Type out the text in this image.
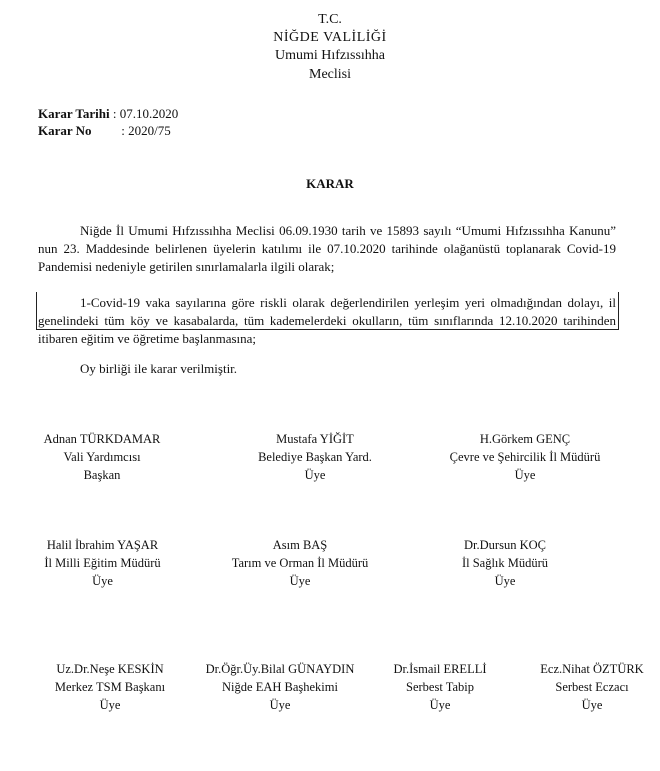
T.C.
NİĞDE VALİLİĞİ
Umumi Hıfzıssıhha
Meclisi
Karar Tarihi : 07.10.2020
Karar No : 2020/75
KARAR
Niğde İl Umumi Hıfzıssıhha Meclisi 06.09.1930 tarih ve 15893 sayılı “Umumi Hıfzıssıhha Kanunu”
nun 23. Maddesinde belirlenen üyelerin katılımı ile 07.10.2020 tarihinde olağanüstü toplanarak Covid-19
Pandemisi nedeniyle getirilen sınırlamalarla ilgili olarak;
1-Covid-19 vaka sayılarına göre riskli olarak değerlendirilen yerleşim yeri olmadığından dolayı, il
genelindeki tüm köy ve kasabalarda, tüm kademelerdeki okulların, tüm sınıflarında 12.10.2020 tarihinden
itibaren eğitim ve öğretime başlanmasına;
Oy birliği ile karar verilmiştir.
Adnan TÜRKDAMAR
Vali Yardımcısı
Başkan
Mustafa YİĞİT
Belediye Başkan Yard.
Üye
H.Görkem GENÇ
Çevre ve Şehircilik İl Müdürü
Üye
Halil İbrahim YAŞAR
İl Milli Eğitim Müdürü
Üye
Asım BAŞ
Tarım ve Orman İl Müdürü
Üye
Dr.Dursun KOÇ
İl Sağlık Müdürü
Üye
Uz.Dr.Neşe KESKİN
Merkez TSM Başkanı
Üye
Dr.Öğr.Üy.Bilal GÜNAYDIN
Niğde EAH Başhekimi
Üye
Dr.İsmail ERELLİ
Serbest Tabip
Üye
Ecz.Nihat ÖZTÜRK
Serbest Eczacı
Üye
